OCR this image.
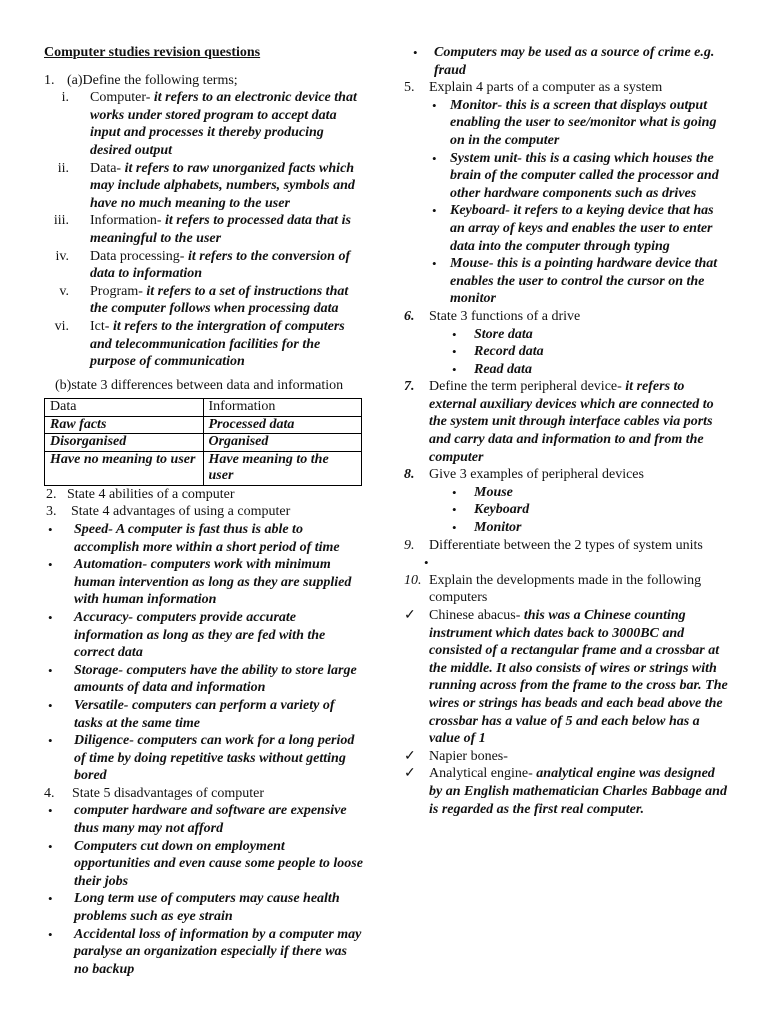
Computer studies revision questions
1. (a)Define the following terms;
i. Computer- it refers to an electronic device that works under stored program to accept data input and processes it thereby producing desired output
ii. Data- it refers to raw unorganized facts which may include alphabets, numbers, symbols and have no much meaning to the user
iii. Information- it refers to processed data that is meaningful to the user
iv. Data processing- it refers to the conversion of data to information
v. Program- it refers to a set of instructions that the computer follows when processing data
vi. Ict- it refers to the intergration of computers and telecommunication facilities for the purpose of communication
(b)state 3 differences between data and information
Data	Information
Raw facts	Processed data
Disorganised	Organised
Have no meaning to user	Have meaning to the user
2. State 4 abilities of a computer
3. State 4 advantages of using a computer
• Speed- A computer is fast thus is able to accomplish more within a short period of time
• Automation- computers work with minimum human intervention as long as they are supplied with human information
• Accuracy- computers provide accurate information as long as they are fed with the correct data
• Storage- computers have the ability to store large amounts of data and information
• Versatile- computers can perform a variety of tasks at the same time
• Diligence- computers can work for a long period of time by doing repetitive tasks without getting bored
4. State 5 disadvantages of computer
• computer hardware and software are expensive thus many may not afford
• Computers cut down on employment opportunities and even cause some people to loose their jobs
• Long term use of computers may cause health problems such as eye strain
• Accidental loss of information by a computer may paralyse an organization especially if there was no backup
• Computers may be used as a source of crime e.g. fraud
5. Explain 4 parts of a computer as a system
• Monitor- this is a screen that displays output enabling the user to see/monitor what is going on in the computer
• System unit- this is a casing which houses the brain of the computer called the processor and other hardware components such as drives
• Keyboard- it refers to a keying device that has an array of keys and enables the user to enter data into the computer through typing
• Mouse- this is a pointing hardware device that enables the user to control the cursor on the monitor
6. State 3 functions of a drive
• Store data
• Record data
• Read data
7. Define the term peripheral device- it refers to external auxiliary devices which are connected to the system unit through interface cables via ports and carry data and information to and from the computer
8. Give 3 examples of peripheral devices
• Mouse
• Keyboard
• Monitor
9. Differentiate between the 2 types of system units
•
10. Explain the developments made in the following computers
✓ Chinese abacus- this was a Chinese counting instrument which dates back to 3000BC and consisted of a rectangular frame and a crossbar at the middle. It also consists of wires or strings with running across from the frame to the cross bar. The wires or strings has beads and each bead above the crossbar has a value of 5 and each below has a value of 1
✓ Napier bones-
✓ Analytical engine- analytical engine was designed by an English mathematician Charles Babbage and is regarded as the first real computer.
